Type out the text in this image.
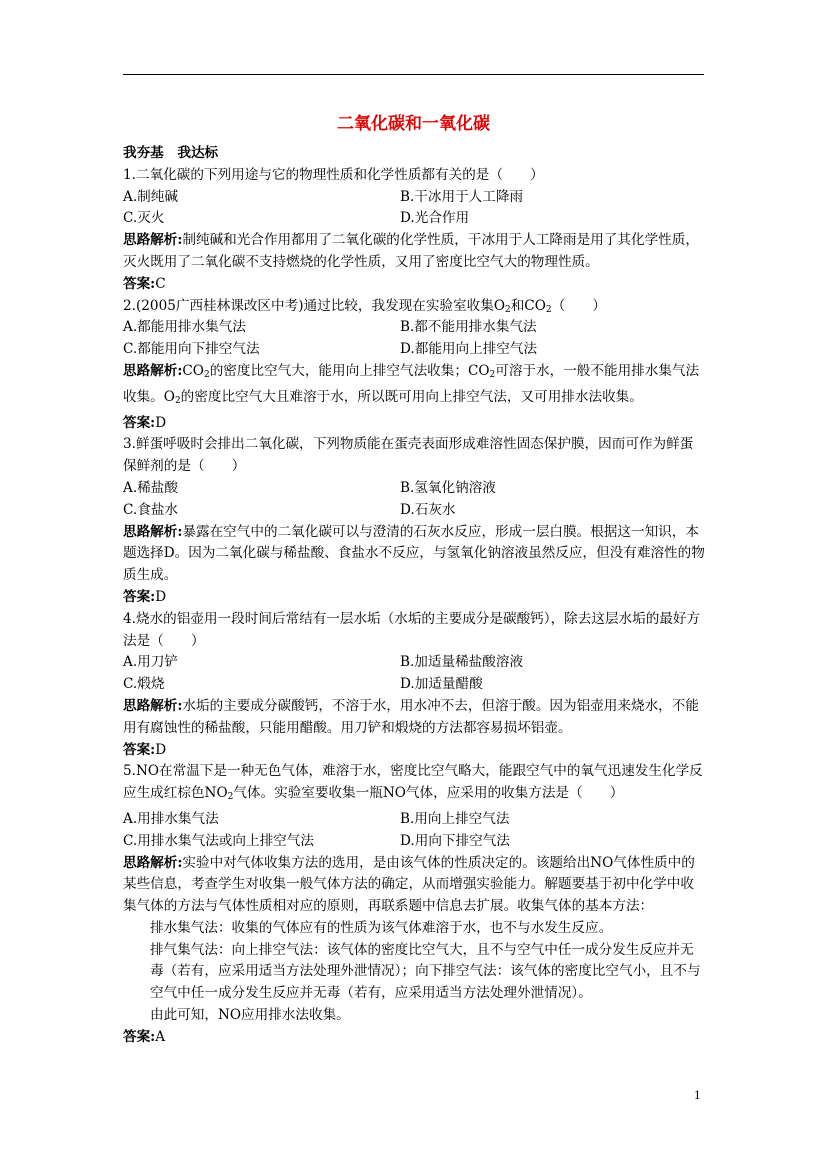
二氧化碳和一氧化碳
我夯基　我达标
1.二氧化碳的下列用途与它的物理性质和化学性质都有关的是（　　）
A.制纯碱	B.干冰用于人工降雨
C.灭火	D.光合作用
思路解析:制纯碱和光合作用都用了二氧化碳的化学性质，干冰用于人工降雨是用了其化学性质，灭火既用了二氧化碳不支持燃烧的化学性质，又用了密度比空气大的物理性质。
答案:C
2.(2005广西桂林课改区中考)通过比较，我发现在实验室收集$O_2$和$CO_2$（　　）
A.都能用排水集气法	B.都不能用排水集气法
C.都能用向下排空气法	D.都能用向上排空气法
思路解析$:CO_2$的密度比空气大，能用向上排空气法收集；$CO_2$可溶于水，一般不能用排水集气法收集。$O_2$的密度比空气大且难溶于水，所以既可用向上排空气法，又可用排水法收集。
答案:D
3.鲜蛋呼吸时会排出二氧化碳，下列物质能在蛋壳表面形成难溶性固态保护膜，因而可作为鲜蛋保鲜剂的是（　　）
A.稀盐酸	B.氢氧化钠溶液
C.食盐水	D.石灰水
思路解析:暴露在空气中的二氧化碳可以与澄清的石灰水反应，形成一层白膜。根据这一知识，本题选择D。因为二氧化碳与稀盐酸、食盐水不反应，与氢氧化钠溶液虽然反应，但没有难溶性的物质生成。
答案:D
4.烧水的铝壶用一段时间后常结有一层水垢（水垢的主要成分是碳酸钙），除去这层水垢的最好方法是（　　）
A.用刀铲	B.加适量稀盐酸溶液
C.煅烧	D.加适量醋酸
思路解析:水垢的主要成分碳酸钙，不溶于水，用水冲不去，但溶于酸。因为铝壶用来烧水，不能用有腐蚀性的稀盐酸，只能用醋酸。用刀铲和煅烧的方法都容易损坏铝壶。
答案:D
5.NO在常温下是一种无色气体，难溶于水，密度比空气略大，能跟空气中的氧气迅速发生化学反应生成红棕色$NO_2$气体。实验室要收集一瓶NO气体，应采用的收集方法是（　　）
A.用排水集气法	B.用向上排空气法
C.用排水集气法或向上排空气法	D.用向下排空气法
思路解析:实验中对气体收集方法的选用，是由该气体的性质决定的。该题给出NO气体性质中的某些信息，考查学生对收集一般气体方法的确定，从而增强实验能力。解题要基于初中化学中收集气体的方法与气体性质相对应的原则，再联系题中信息去扩展。收集气体的基本方法：
排水集气法：收集的气体应有的性质为该气体难溶于水，也不与水发生反应。
排气集气法：向上排空气法：该气体的密度比空气大，且不与空气中任一成分发生反应并无毒（若有，应采用适当方法处理外泄情况）；向下排空气法：该气体的密度比空气小，且不与空气中任一成分发生反应并无毒（若有，应采用适当方法处理外泄情况）。
由此可知，NO应用排水法收集。
答案:A
1
